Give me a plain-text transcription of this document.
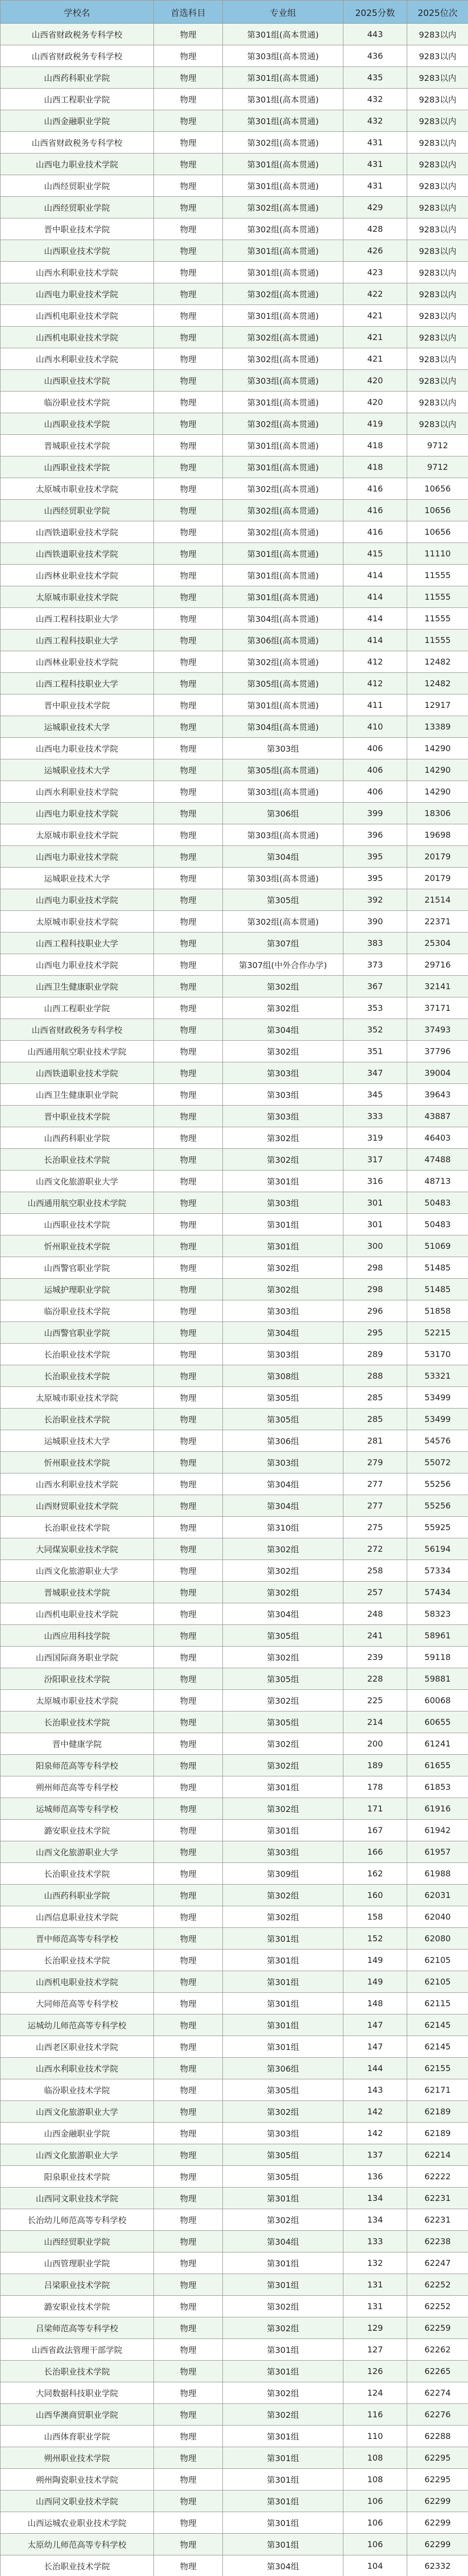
学校名	首选科目	专业组	2025分数	2025位次
山西省财政税务专科学校	物理	第301组(高本贯通)	443	9283以内
山西省财政税务专科学校	物理	第303组(高本贯通)	436	9283以内
山西药科职业学院	物理	第301组(高本贯通)	435	9283以内
山西工程职业学院	物理	第301组(高本贯通)	432	9283以内
山西金融职业学院	物理	第301组(高本贯通)	432	9283以内
山西省财政税务专科学校	物理	第302组(高本贯通)	431	9283以内
山西电力职业技术学院	物理	第301组(高本贯通)	431	9283以内
山西经贸职业学院	物理	第301组(高本贯通)	431	9283以内
山西经贸职业学院	物理	第302组(高本贯通)	429	9283以内
晋中职业技术学院	物理	第302组(高本贯通)	428	9283以内
山西职业技术学院	物理	第301组(高本贯通)	426	9283以内
山西水利职业技术学院	物理	第301组(高本贯通)	423	9283以内
山西电力职业技术学院	物理	第302组(高本贯通)	422	9283以内
山西机电职业技术学院	物理	第301组(高本贯通)	421	9283以内
山西机电职业技术学院	物理	第302组(高本贯通)	421	9283以内
山西水利职业技术学院	物理	第302组(高本贯通)	421	9283以内
山西职业技术学院	物理	第303组(高本贯通)	420	9283以内
临汾职业技术学院	物理	第301组(高本贯通)	420	9283以内
山西职业技术学院	物理	第302组(高本贯通)	419	9283以内
晋城职业技术学院	物理	第301组(高本贯通)	418	9712
山西职业技术学院	物理	第301组(高本贯通)	418	9712
太原城市职业技术学院	物理	第302组(高本贯通)	416	10656
山西经贸职业学院	物理	第302组(高本贯通)	416	10656
山西铁道职业技术学院	物理	第302组(高本贯通)	416	10656
山西铁道职业技术学院	物理	第301组(高本贯通)	415	11110
山西林业职业技术学院	物理	第301组(高本贯通)	414	11555
太原城市职业技术学院	物理	第301组(高本贯通)	414	11555
山西工程科技职业大学	物理	第304组(高本贯通)	414	11555
山西工程科技职业大学	物理	第306组(高本贯通)	414	11555
山西林业职业技术学院	物理	第302组(高本贯通)	412	12482
山西工程科技职业大学	物理	第305组(高本贯通)	412	12482
晋中职业技术学院	物理	第301组(高本贯通)	411	12917
运城职业技术大学	物理	第304组(高本贯通)	410	13389
山西电力职业技术学院	物理	第303组	406	14290
运城职业技术大学	物理	第305组(高本贯通)	406	14290
山西水利职业技术学院	物理	第303组(高本贯通)	406	14290
山西电力职业技术学院	物理	第306组	399	18306
太原城市职业技术学院	物理	第303组(高本贯通)	396	19698
山西电力职业技术学院	物理	第304组	395	20179
运城职业技术大学	物理	第303组(高本贯通)	395	20179
山西电力职业技术学院	物理	第305组	392	21514
太原城市职业技术学院	物理	第302组(高本贯通)	390	22371
山西工程科技职业大学	物理	第307组	383	25304
山西电力职业技术学院	物理	第307组(中外合作办学)	373	29716
山西卫生健康职业学院	物理	第302组	367	32141
山西工程职业学院	物理	第302组	353	37171
山西省财政税务专科学校	物理	第304组	352	37493
山西通用航空职业技术学院	物理	第302组	351	37796
山西铁道职业技术学院	物理	第303组	347	39004
山西卫生健康职业学院	物理	第303组	345	39643
晋中职业技术学院	物理	第303组	333	43887
山西药科职业学院	物理	第302组	319	46403
长治职业技术学院	物理	第302组	317	47488
山西文化旅游职业大学	物理	第301组	316	48713
山西通用航空职业技术学院	物理	第303组	301	50483
山西职业技术学院	物理	第301组	301	50483
忻州职业技术学院	物理	第301组	300	51069
山西警官职业学院	物理	第302组	298	51485
运城护理职业学院	物理	第302组	298	51485
临汾职业技术学院	物理	第303组	296	51858
山西警官职业学院	物理	第304组	295	52215
长治职业技术学院	物理	第303组	289	53170
长治职业技术学院	物理	第308组	288	53321
太原城市职业技术学院	物理	第305组	285	53499
长治职业技术学院	物理	第305组	285	53499
运城职业技术大学	物理	第306组	281	54576
忻州职业技术学院	物理	第303组	279	55072
山西水利职业技术学院	物理	第304组	277	55256
山西财贸职业技术学院	物理	第304组	277	55256
长治职业技术学院	物理	第310组	275	55925
大同煤炭职业技术学院	物理	第302组	272	56194
山西文化旅游职业大学	物理	第302组	258	57334
晋城职业技术学院	物理	第302组	257	57434
山西机电职业技术学院	物理	第304组	248	58323
山西应用科技学院	物理	第305组	241	58961
山西国际商务职业学院	物理	第302组	239	59118
汾阳职业技术学院	物理	第305组	228	59881
太原城市职业技术学院	物理	第302组	225	60068
长治职业技术学院	物理	第305组	214	60655
晋中健康学院	物理	第302组	200	61241
阳泉师范高等专科学校	物理	第302组	189	61655
朔州师范高等专科学校	物理	第301组	178	61853
运城师范高等专科学校	物理	第302组	171	61916
潞安职业技术学院	物理	第301组	167	61942
山西文化旅游职业大学	物理	第303组	166	61957
长治职业技术学院	物理	第309组	162	61988
山西药科职业学院	物理	第302组	160	62031
山西信息职业技术学院	物理	第302组	158	62040
晋中师范高等专科学校	物理	第301组	152	62080
长治职业技术学院	物理	第301组	149	62105
山西机电职业技术学院	物理	第301组	149	62105
大同师范高等专科学校	物理	第301组	148	62115
运城幼儿师范高等专科学校	物理	第301组	147	62145
山西老区职业技术学院	物理	第301组	147	62145
山西水利职业技术学院	物理	第306组	144	62155
临汾职业技术学院	物理	第305组	143	62171
山西文化旅游职业大学	物理	第302组	142	62189
山西金融职业学院	物理	第303组	142	62189
山西文化旅游职业大学	物理	第305组	137	62214
阳泉职业技术学院	物理	第305组	136	62222
山西同文职业技术学院	物理	第301组	134	62231
长治幼儿师范高等专科学校	物理	第302组	134	62231
山西经贸职业学院	物理	第304组	133	62238
山西管理职业学院	物理	第301组	132	62247
吕梁职业技术学院	物理	第301组	131	62252
潞安职业技术学院	物理	第302组	131	62252
吕梁师范高等专科学校	物理	第302组	129	62259
山西省政法管理干部学院	物理	第301组	127	62262
长治职业技术学院	物理	第301组	126	62265
大同数据科技职业学院	物理	第302组	124	62274
山西华澳商贸职业学院	物理	第302组	116	62276
山西体育职业学院	物理	第301组	110	62288
朔州职业技术学院	物理	第301组	108	62295
朔州陶瓷职业技术学院	物理	第301组	108	62295
山西同文职业技术学院	物理	第301组	106	62299
山西运城农业职业技术学院	物理	第301组	106	62299
太原幼儿师范高等专科学校	物理	第301组	106	62299
长治职业技术学院	物理	第304组	104	62332
